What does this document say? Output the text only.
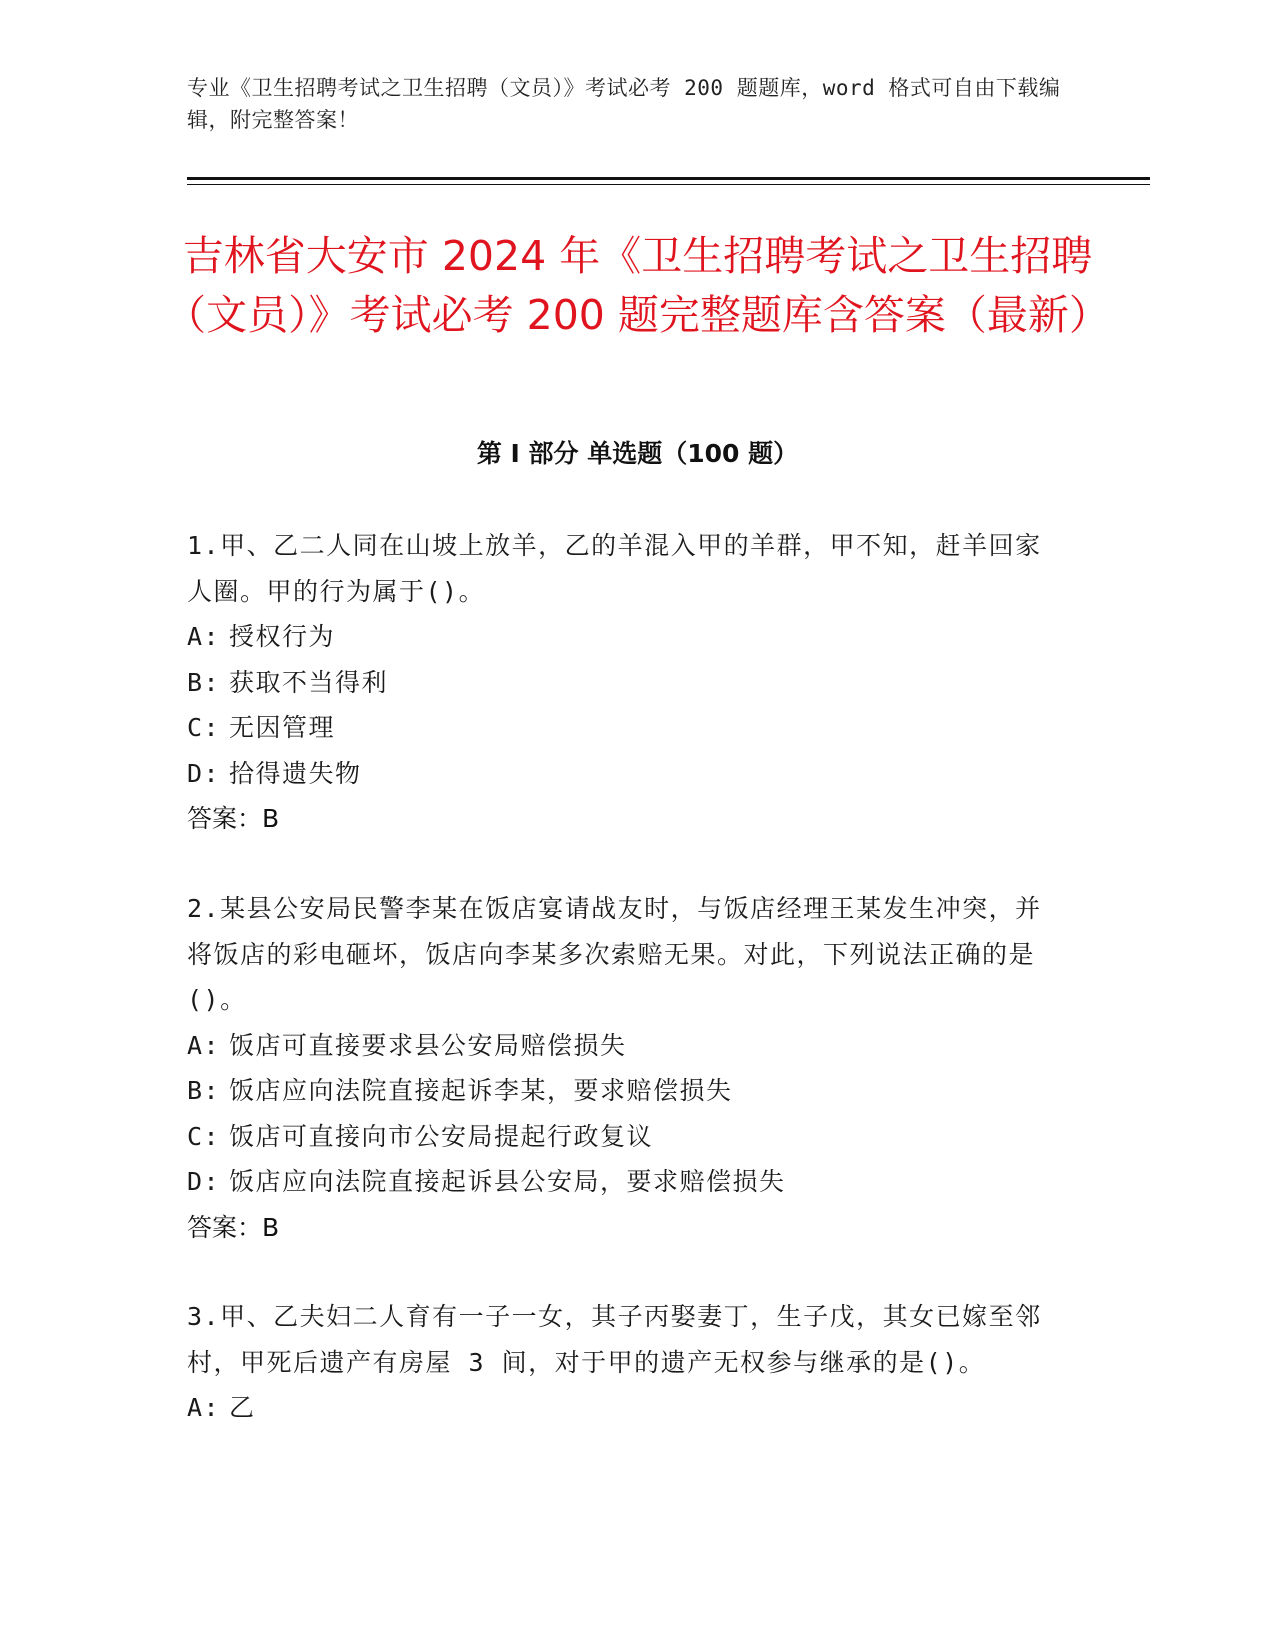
专业《卫生招聘考试之卫生招聘（文员）》考试必考 200 题题库，word 格式可自由下载编辑，附完整答案！
吉林省大安市 2024 年《卫生招聘考试之卫生招聘（文员）》考试必考 200 题完整题库含答案（最新）
第 I 部分 单选题（100 题）

1.甲、乙二人同在山坡上放羊，乙的羊混入甲的羊群，甲不知，赶羊回家人圈。甲的行为属于()。

A: 授权行为

B: 获取不当得利

C: 无因管理

D: 拾得遗失物

答案：B

2.某县公安局民警李某在饭店宴请战友时，与饭店经理王某发生冲突，并将饭店的彩电砸坏，饭店向李某多次索赔无果。对此，下列说法正确的是()。

A: 饭店可直接要求县公安局赔偿损失

B: 饭店应向法院直接起诉李某，要求赔偿损失

C: 饭店可直接向市公安局提起行政复议

D: 饭店应向法院直接起诉县公安局，要求赔偿损失

答案：B

3.甲、乙夫妇二人育有一子一女，其子丙娶妻丁，生子戊，其女已嫁至邻村，甲死后遗产有房屋 3 间，对于甲的遗产无权参与继承的是()。

A: 乙
